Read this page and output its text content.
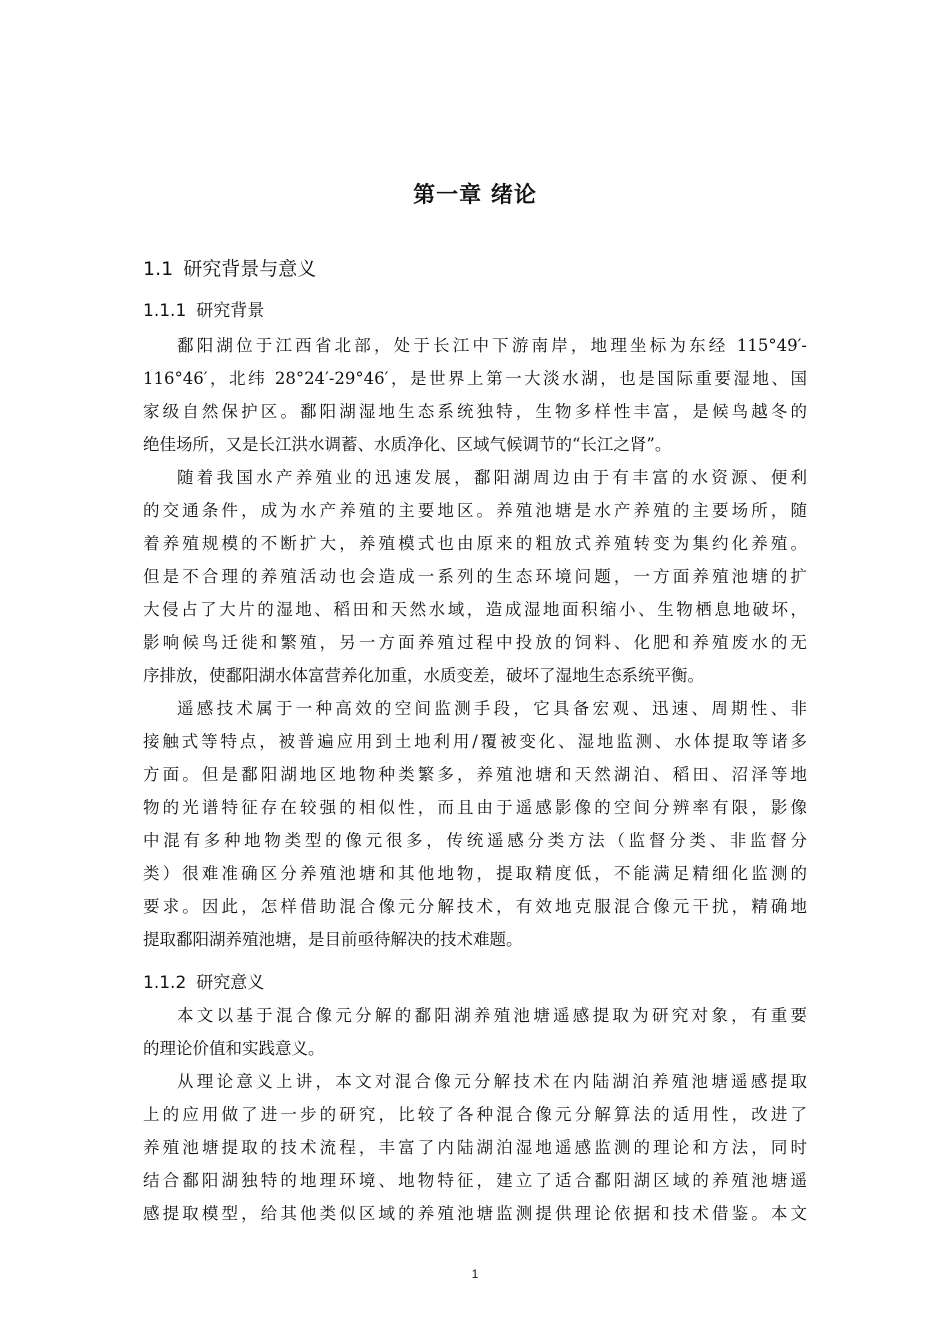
第一章 绪论
1.1 研究背景与意义
1.1.1 研究背景
鄱阳湖位于江西省北部，处于长江中下游南岸，地理坐标为东经 115°49′-
116°46′，北纬 28°24′-29°46′，是世界上第一大淡水湖，也是国际重要湿地、国
家级自然保护区。鄱阳湖湿地生态系统独特，生物多样性丰富，是候鸟越冬的
绝佳场所，又是长江洪水调蓄、水质净化、区域气候调节的“长江之肾”。
随着我国水产养殖业的迅速发展，鄱阳湖周边由于有丰富的水资源、便利
的交通条件，成为水产养殖的主要地区。养殖池塘是水产养殖的主要场所，随
着养殖规模的不断扩大，养殖模式也由原来的粗放式养殖转变为集约化养殖。
但是不合理的养殖活动也会造成一系列的生态环境问题，一方面养殖池塘的扩
大侵占了大片的湿地、稻田和天然水域，造成湿地面积缩小、生物栖息地破坏，
影响候鸟迁徙和繁殖，另一方面养殖过程中投放的饲料、化肥和养殖废水的无
序排放，使鄱阳湖水体富营养化加重，水质变差，破坏了湿地生态系统平衡。
遥感技术属于一种高效的空间监测手段，它具备宏观、迅速、周期性、非
接触式等特点，被普遍应用到土地利用/覆被变化、湿地监测、水体提取等诸多
方面。但是鄱阳湖地区地物种类繁多，养殖池塘和天然湖泊、稻田、沼泽等地
物的光谱特征存在较强的相似性，而且由于遥感影像的空间分辨率有限，影像
中混有多种地物类型的像元很多，传统遥感分类方法（监督分类、非监督分
类）很难准确区分养殖池塘和其他地物，提取精度低，不能满足精细化监测的
要求。因此，怎样借助混合像元分解技术，有效地克服混合像元干扰，精确地
提取鄱阳湖养殖池塘，是目前亟待解决的技术难题。
1.1.2 研究意义
本文以基于混合像元分解的鄱阳湖养殖池塘遥感提取为研究对象，有重要
的理论价值和实践意义。
从理论意义上讲，本文对混合像元分解技术在内陆湖泊养殖池塘遥感提取
上的应用做了进一步的研究，比较了各种混合像元分解算法的适用性，改进了
养殖池塘提取的技术流程，丰富了内陆湖泊湿地遥感监测的理论和方法，同时
结合鄱阳湖独特的地理环境、地物特征，建立了适合鄱阳湖区域的养殖池塘遥
感提取模型，给其他类似区域的养殖池塘监测提供理论依据和技术借鉴。本文
1
